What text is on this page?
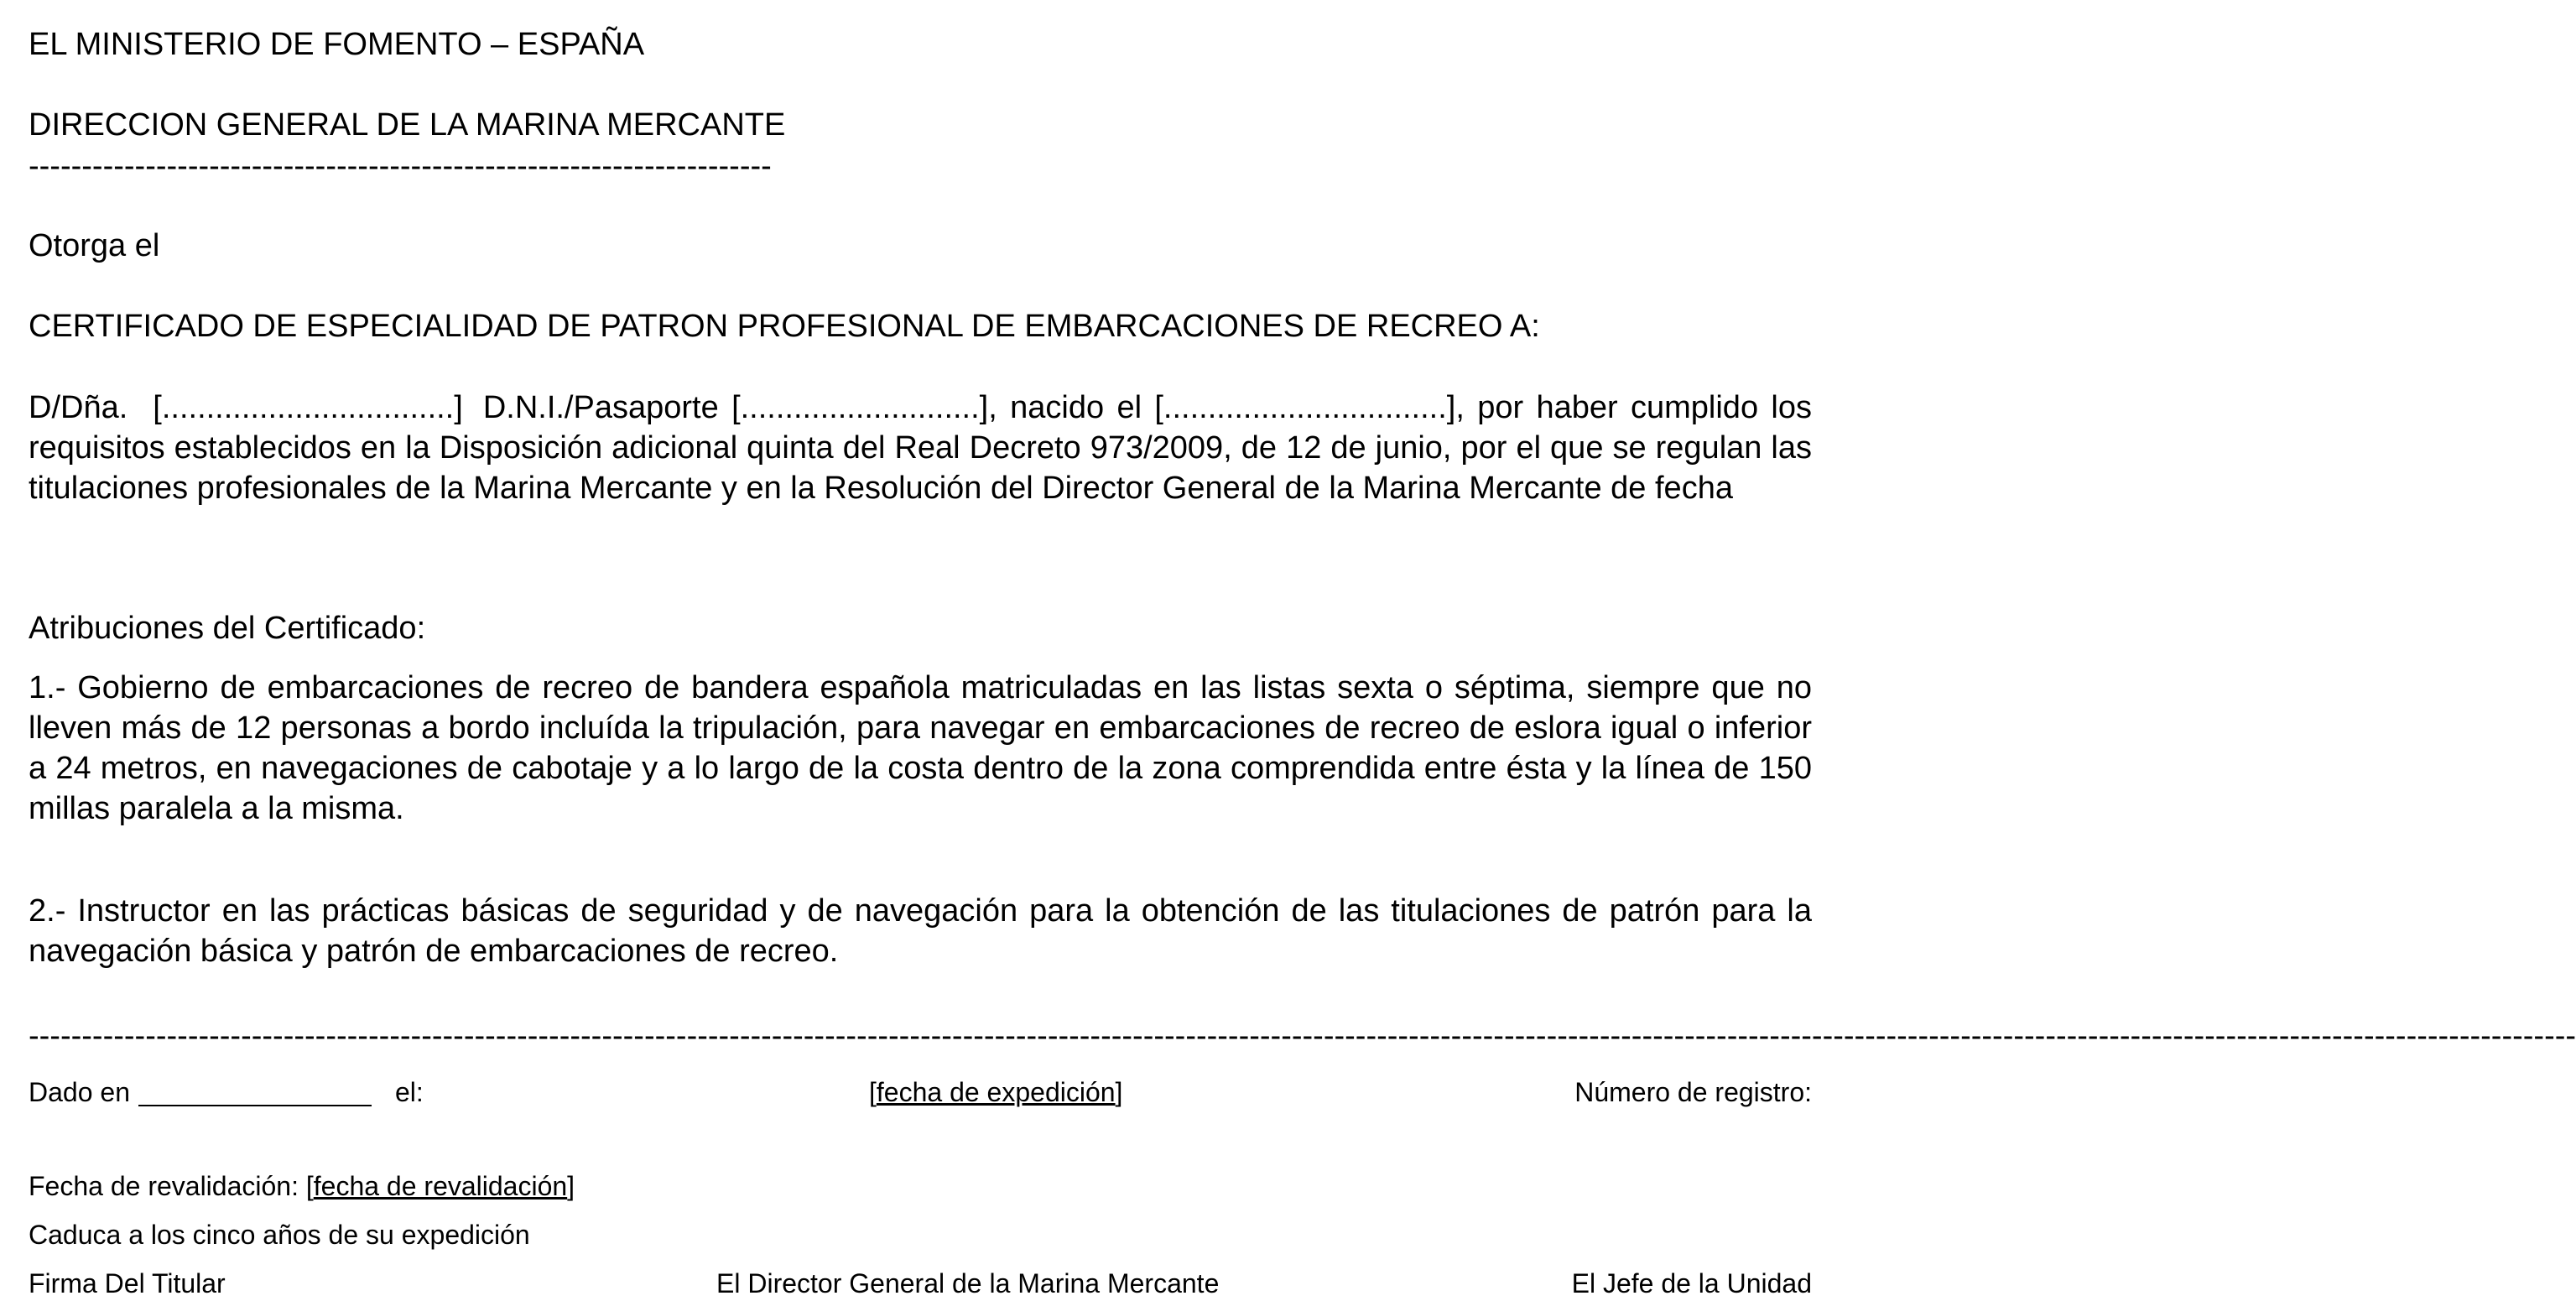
EL MINISTERIO DE FOMENTO – ESPAÑA
DIRECCION GENERAL DE LA MARINA MERCANTE
----------------------------------------------------------------------
Otorga el
CERTIFICADO DE ESPECIALIDAD DE PATRON PROFESIONAL DE EMBARCACIONES DE RECREO A:
D/Dña. [.................................] D.N.I./Pasaporte [...........................], nacido el [................................], por haber cumplido los requisitos establecidos en la Disposición adicional quinta del Real Decreto 973/2009, de 12 de junio, por el que se regulan las titulaciones profesionales de la Marina Mercante y en la Resolución del Director General de la Marina Mercante de fecha
Atribuciones del Certificado:
1.- Gobierno de embarcaciones de recreo de bandera española matriculadas en las listas sexta o séptima, siempre que no lleven más de 12 personas a bordo incluída la tripulación, para navegar en embarcaciones de recreo de eslora igual o inferior a 24 metros, en navegaciones de cabotaje y a lo largo de la costa dentro de la zona comprendida entre ésta y la línea de 150 millas paralela a la misma.
2.- Instructor en las prácticas básicas de seguridad y de navegación para la obtención de las titulaciones de patrón para la navegación básica y patrón de embarcaciones de recreo.
------------------------------------------------------------------------------------------------------------------------------------------------------------------------------------------------------------------------------------------------
Dado en	el:	[fecha de expedición]	Número de registro:
Fecha de revalidación: [fecha de revalidación]
Caduca a los cinco años de su expedición
Firma Del Titular	El Director General de la Marina Mercante	El Jefe de la Unidad
